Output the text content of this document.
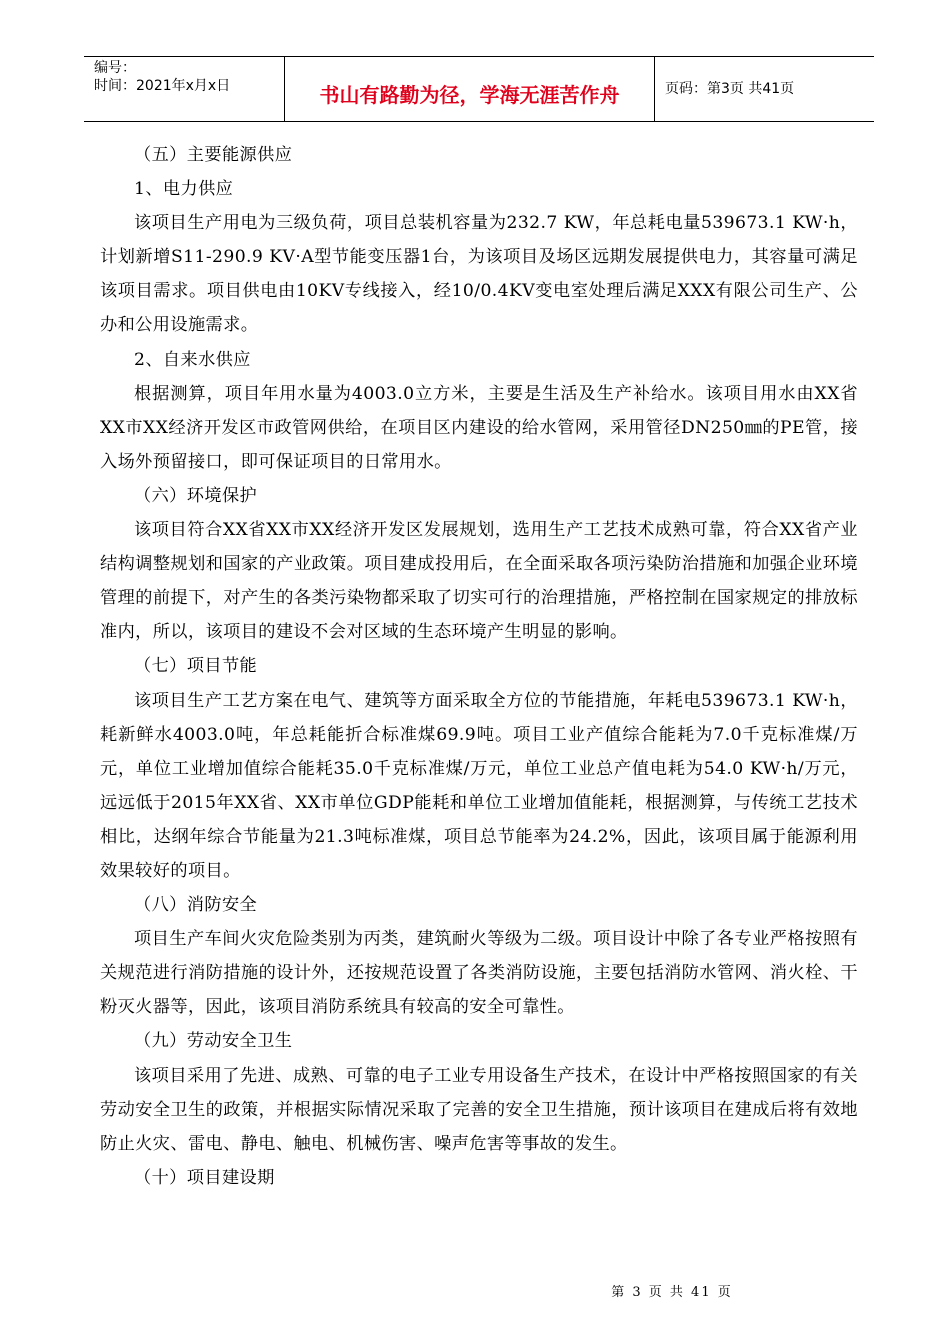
编号：
时间：2021年x月x日	书山有路勤为径，学海无涯苦作舟	页码：第3页 共41页

（五）主要能源供应

1、电力供应

该项目生产用电为三级负荷，项目总装机容量为232.7 KW，年总耗电量539673.1 KW·h，计划新增S11-290.9 KV·A型节能变压器1台，为该项目及场区远期发展提供电力，其容量可满足该项目需求。项目供电由10KV专线接入，经10/0.4KV变电室处理后满足XXX有限公司生产、公办和公用设施需求。

2、自来水供应

根据测算，项目年用水量为4003.0立方米，主要是生活及生产补给水。该项目用水由XX省XX市XX经济开发区市政管网供给，在项目区内建设的给水管网，采用管径DN250㎜的PE管，接入场外预留接口，即可保证项目的日常用水。

（六）环境保护

该项目符合XX省XX市XX经济开发区发展规划，选用生产工艺技术成熟可靠，符合XX省产业结构调整规划和国家的产业政策。项目建成投用后，在全面采取各项污染防治措施和加强企业环境管理的前提下，对产生的各类污染物都采取了切实可行的治理措施，严格控制在国家规定的排放标准内，所以，该项目的建设不会对区域的生态环境产生明显的影响。

（七）项目节能

该项目生产工艺方案在电气、建筑等方面采取全方位的节能措施，年耗电539673.1 KW·h，耗新鲜水4003.0吨，年总耗能折合标准煤69.9吨。项目工业产值综合能耗为7.0千克标准煤/万元，单位工业增加值综合能耗35.0千克标准煤/万元，单位工业总产值电耗为54.0 KW·h/万元，远远低于2015年XX省、XX市单位GDP能耗和单位工业增加值能耗，根据测算，与传统工艺技术相比，达纲年综合节能量为21.3吨标准煤，项目总节能率为24.2%，因此，该项目属于能源利用效果较好的项目。

（八）消防安全

项目生产车间火灾危险类别为丙类，建筑耐火等级为二级。项目设计中除了各专业严格按照有关规范进行消防措施的设计外，还按规范设置了各类消防设施，主要包括消防水管网、消火栓、干粉灭火器等，因此，该项目消防系统具有较高的安全可靠性。

（九）劳动安全卫生

该项目采用了先进、成熟、可靠的电子工业专用设备生产技术，在设计中严格按照国家的有关劳动安全卫生的政策，并根据实际情况采取了完善的安全卫生措施，预计该项目在建成后将有效地防止火灾、雷电、静电、触电、机械伤害、噪声危害等事故的发生。

（十）项目建设期

第 3 页 共 41 页
